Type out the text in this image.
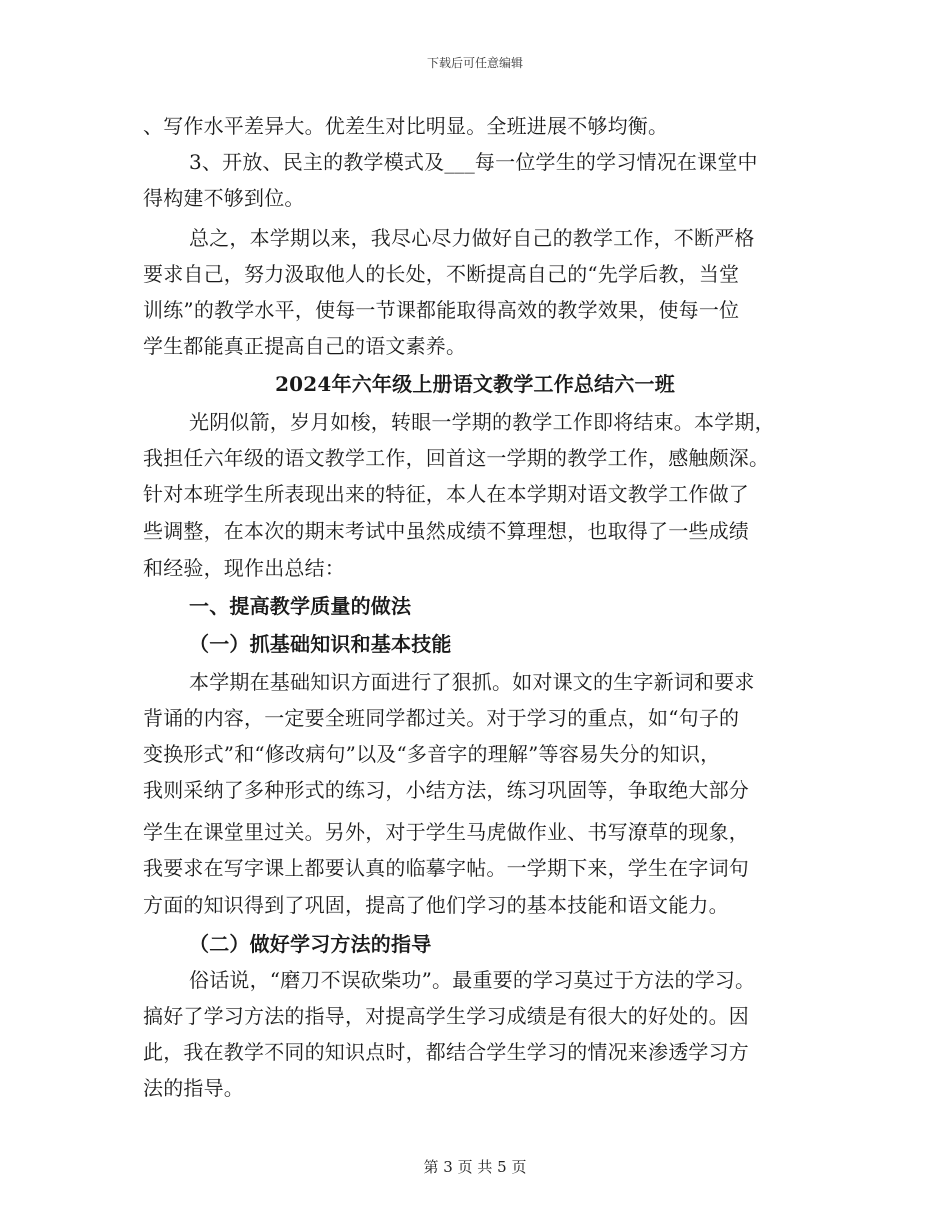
下载后可任意编辑
、写作水平差异大。优差生对比明显。全班进展不够均衡。
3、开放、民主的教学模式及___每一位学生的学习情况在课堂中
得构建不够到位。
总之，本学期以来，我尽心尽力做好自己的教学工作，不断严格
要求自己，努力汲取他人的长处，不断提高自己的“先学后教，当堂
训练”的教学水平，使每一节课都能取得高效的教学效果，使每一位
学生都能真正提高自己的语文素养。
2024年六年级上册语文教学工作总结六一班
光阴似箭，岁月如梭，转眼一学期的教学工作即将结束。本学期，
我担任六年级的语文教学工作，回首这一学期的教学工作，感触颇深。
针对本班学生所表现出来的特征，本人在本学期对语文教学工作做了
些调整，在本次的期末考试中虽然成绩不算理想，也取得了一些成绩
和经验，现作出总结：
一、提高教学质量的做法
（一）抓基础知识和基本技能
本学期在基础知识方面进行了狠抓。如对课文的生字新词和要求
背诵的内容，一定要全班同学都过关。对于学习的重点，如“句子的
变换形式”和“修改病句”以及“多音字的理解”等容易失分的知识，
我则采纳了多种形式的练习，小结方法，练习巩固等，争取绝大部分
学生在课堂里过关。另外，对于学生马虎做作业、书写潦草的现象，
我要求在写字课上都要认真的临摹字帖。一学期下来，学生在字词句
方面的知识得到了巩固，提高了他们学习的基本技能和语文能力。
（二）做好学习方法的指导
俗话说，“磨刀不误砍柴功”。最重要的学习莫过于方法的学习。
搞好了学习方法的指导，对提高学生学习成绩是有很大的好处的。因
此，我在教学不同的知识点时，都结合学生学习的情况来渗透学习方
法的指导。
第 3 页 共 5 页
